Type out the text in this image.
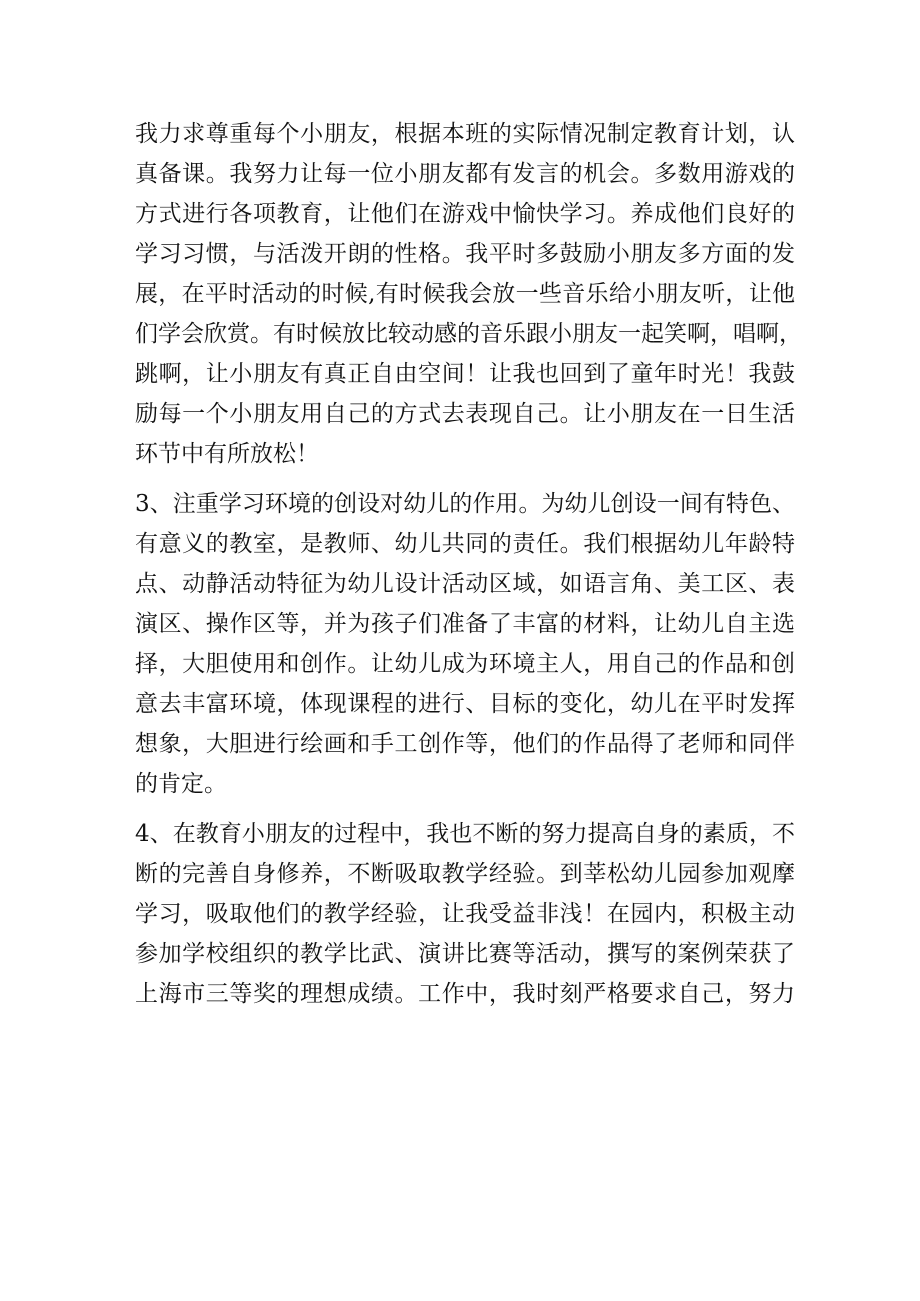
我力求尊重每个小朋友，根据本班的实际情况制定教育计划，认
真备课。我努力让每一位小朋友都有发言的机会。多数用游戏的
方式进行各项教育，让他们在游戏中愉快学习。养成他们良好的
学习习惯，与活泼开朗的性格。我平时多鼓励小朋友多方面的发
展，在平时活动的时候,有时候我会放一些音乐给小朋友听，让他
们学会欣赏。有时候放比较动感的音乐跟小朋友一起笑啊，唱啊，
跳啊，让小朋友有真正自由空间！让我也回到了童年时光！我鼓
励每一个小朋友用自己的方式去表现自己。让小朋友在一日生活
环节中有所放松！
3、注重学习环境的创设对幼儿的作用。为幼儿创设一间有特色、
有意义的教室，是教师、幼儿共同的责任。我们根据幼儿年龄特
点、动静活动特征为幼儿设计活动区域，如语言角、美工区、表
演区、操作区等，并为孩子们准备了丰富的材料，让幼儿自主选
择，大胆使用和创作。让幼儿成为环境主人，用自己的作品和创
意去丰富环境，体现课程的进行、目标的变化，幼儿在平时发挥
想象，大胆进行绘画和手工创作等，他们的作品得了老师和同伴
的肯定。
4、在教育小朋友的过程中，我也不断的努力提高自身的素质，不
断的完善自身修养，不断吸取教学经验。到莘松幼儿园参加观摩
学习，吸取他们的教学经验，让我受益非浅！在园内，积极主动
参加学校组织的教学比武、演讲比赛等活动，撰写的案例荣获了
上海市三等奖的理想成绩。工作中，我时刻严格要求自己，努力
